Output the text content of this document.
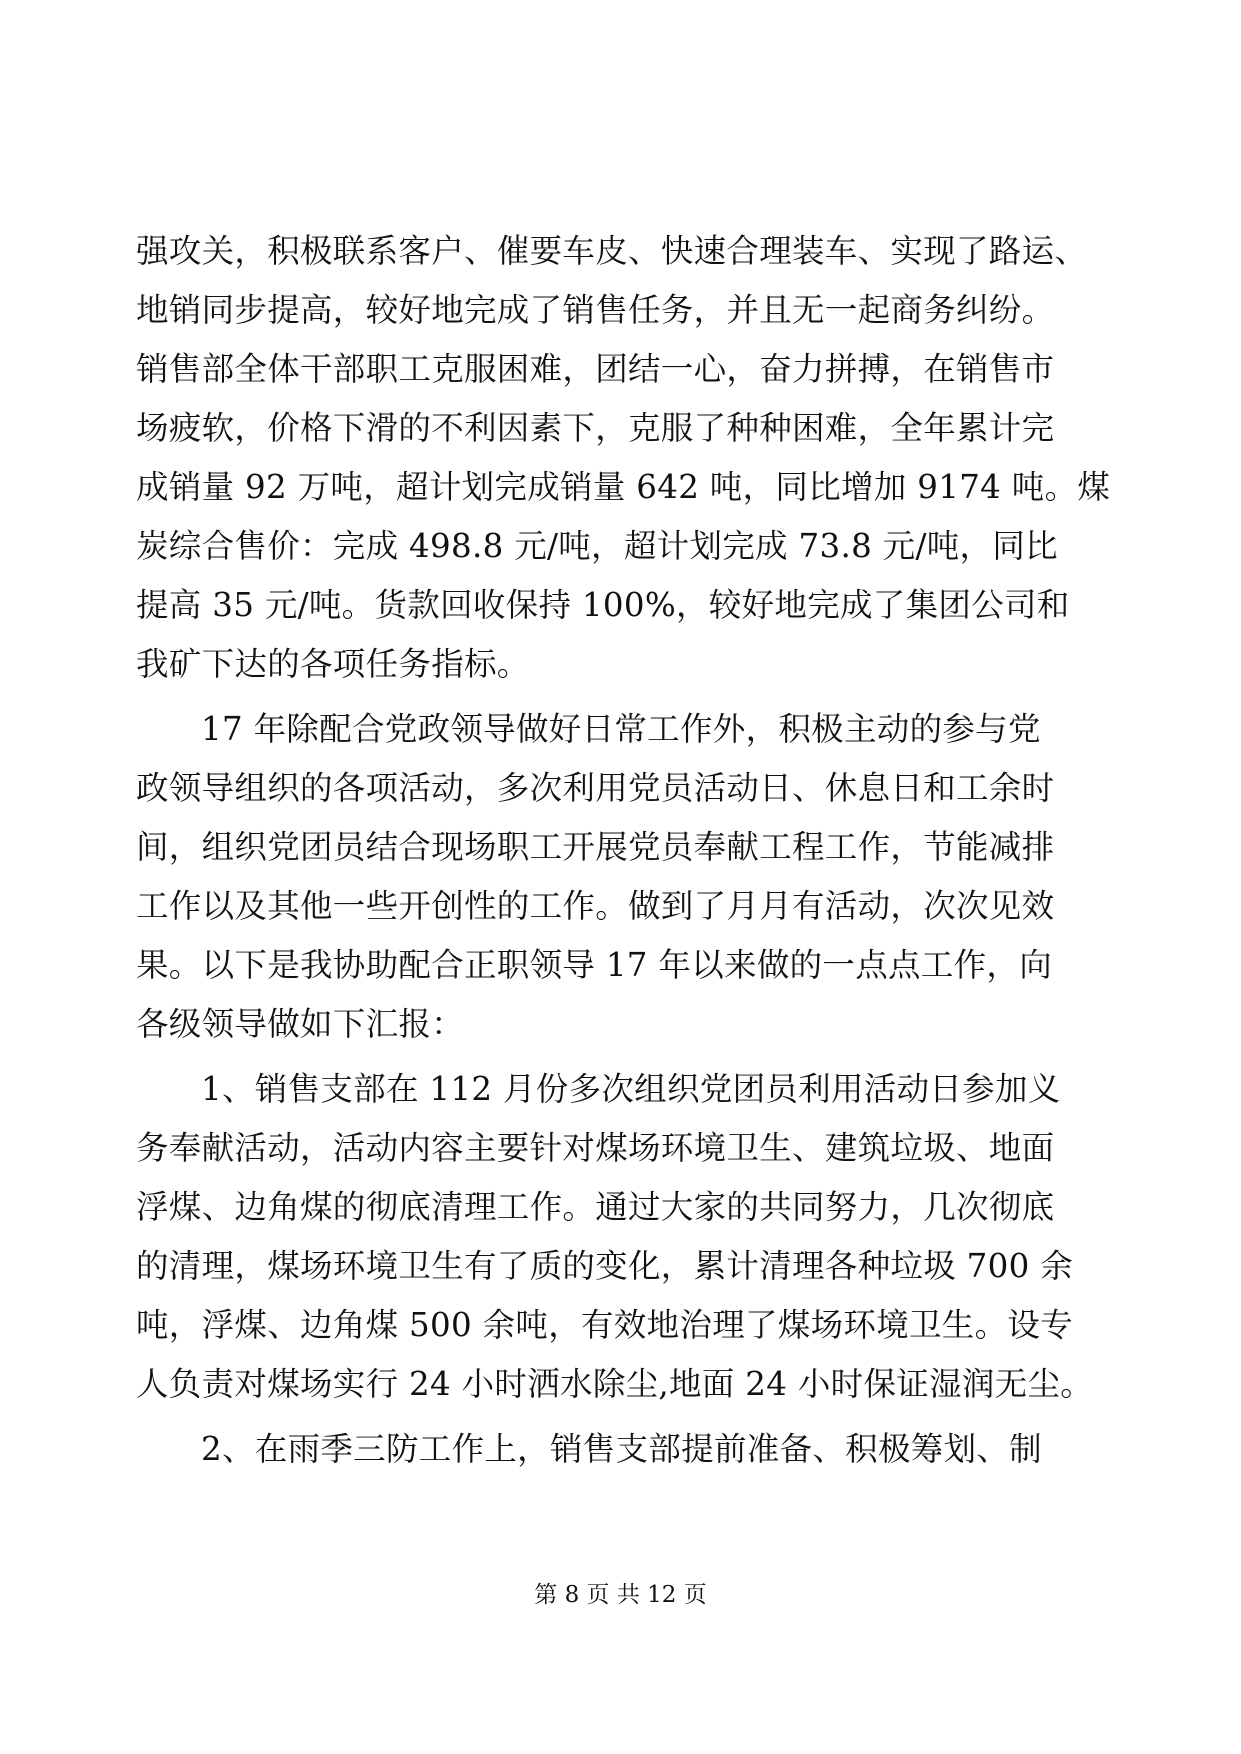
强攻关，积极联系客户、催要车皮、快速合理装车、实现了路运、
地销同步提高，较好地完成了销售任务，并且无一起商务纠纷。
销售部全体干部职工克服困难，团结一心，奋力拼搏，在销售市
场疲软，价格下滑的不利因素下，克服了种种困难，全年累计完
成销量 92 万吨，超计划完成销量 642 吨，同比增加 9174 吨。煤
炭综合售价：完成 498.8 元/吨，超计划完成 73.8 元/吨，同比
提高 35 元/吨。货款回收保持 100%，较好地完成了集团公司和
我矿下达的各项任务指标。
17 年除配合党政领导做好日常工作外，积极主动的参与党
政领导组织的各项活动，多次利用党员活动日、休息日和工余时
间，组织党团员结合现场职工开展党员奉献工程工作，节能减排
工作以及其他一些开创性的工作。做到了月月有活动，次次见效
果。以下是我协助配合正职领导 17 年以来做的一点点工作，向
各级领导做如下汇报：
1、销售支部在 112 月份多次组织党团员利用活动日参加义
务奉献活动，活动内容主要针对煤场环境卫生、建筑垃圾、地面
浮煤、边角煤的彻底清理工作。通过大家的共同努力，几次彻底
的清理，煤场环境卫生有了质的变化，累计清理各种垃圾 700 余
吨，浮煤、边角煤 500 余吨，有效地治理了煤场环境卫生。设专
人负责对煤场实行 24 小时洒水除尘,地面 24 小时保证湿润无尘。
2、在雨季三防工作上，销售支部提前准备、积极筹划、制
第 8 页 共 12 页
